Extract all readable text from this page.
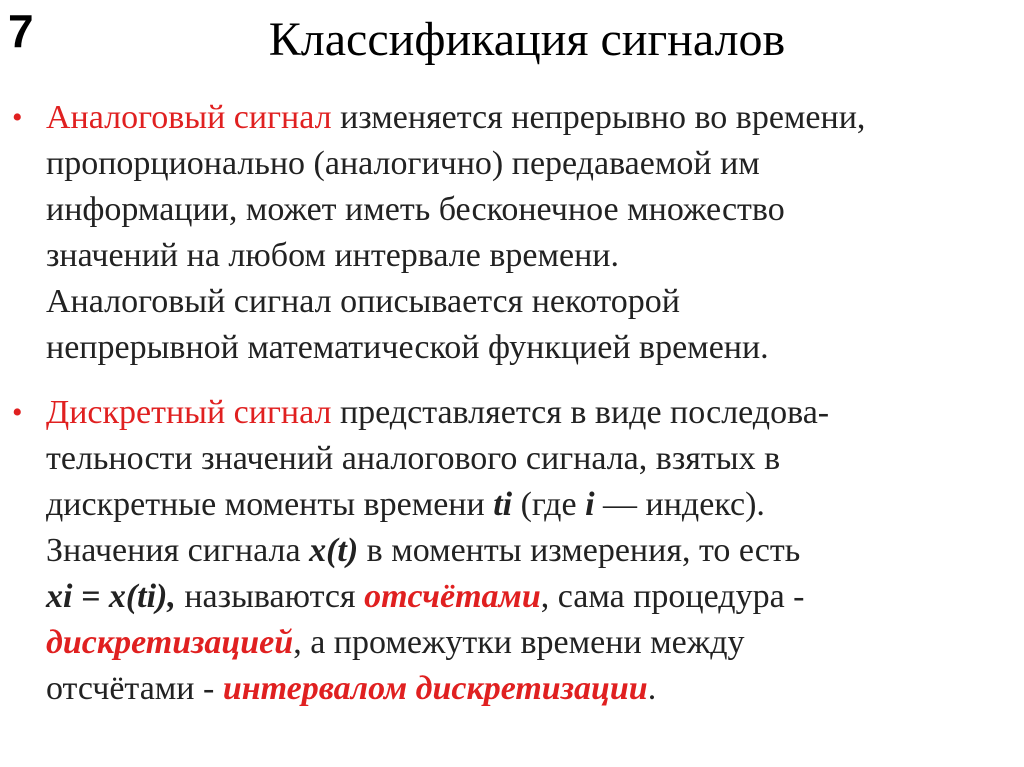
7	Классификация сигналов
• Аналоговый сигнал изменяется непрерывно во времени,
пропорционально (аналогично) передаваемой им
информации, может иметь бесконечное множество
значений на любом интервале времени.
Аналоговый сигнал описывается некоторой
непрерывной математической функцией времени.
• Дискретный сигнал представляется в виде последова-
тельности значений аналогового сигнала, взятых в
дискретные моменты времени ti (где i — индекс).
Значения сигнала x(t) в моменты измерения, то есть
xi = x(ti), называются отсчётами, сама процедура -
дискретизацией, а промежутки времени между
отсчётами - интервалом дискретизации.
